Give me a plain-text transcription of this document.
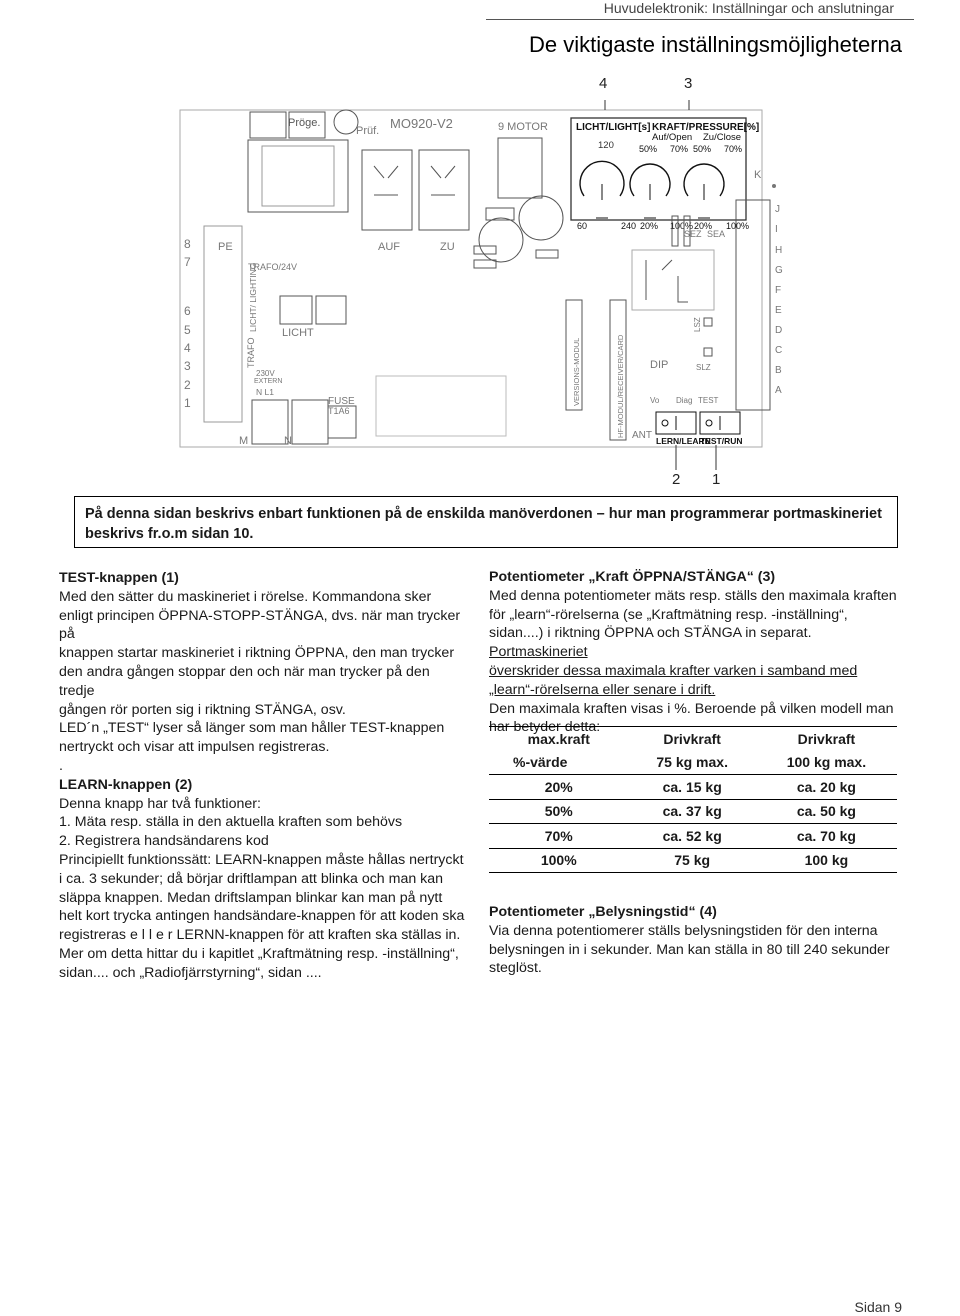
Huvudelektronik: Inställningar och anslutningar
De viktigaste inställningsmöjligheterna
4	3
2 1
Pröge.
Prüf. MO920-V2	9 MOTOR
AUF	ZU
LICHT/LIGHT[s] KRAFT/PRESSURE[%]
Auf/Open Zu/Close
120	50% 70% 50% 70%
60	240 20% 100% 20% 100%
SEZ SEA
K
J
I
H
G
F
E
D
C
B
A
PE
8
7
6
5
4
3
2
1
TRAFO/24V
LICHT/ LIGHTING
TRAFO
LICHT
230V
EXTERN
N L1
M	N
FUSE
T1A6
VERSIONS-MODUL	HF-MODUL/RECEIVER/CARD DIP	SLZ
LSZ
Vo Diag TEST
ANT LERN/LEARN
TEST/RUN
På denna sidan beskrivs enbart funktionen på de enskilda manöverdonen – hur man programmerar portmaskineriet beskrivs fr.o.m sidan 10.

TEST-knappen (1)

Med den sätter du maskineriet i rörelse. Kommandona sker

enligt principen ÖPPNA-STOPP-STÄNGA, dvs. när man trycker på

knappen startar maskineriet i riktning ÖPPNA, den man trycker

den andra gången stoppar den och när man trycker på den tredje

gången rör porten sig i riktning STÄNGA, osv.

LED´n „TEST“ lyser så länger som man håller TEST-knappen

nertryckt och visar att impulsen registreras.

.

LEARN-knappen (2)

Denna knapp har två funktioner:

1. Mäta resp. ställa in den aktuella kraften som behövs

2. Registrera handsändarens kod

Principiellt funktionssätt: LEARN-knappen måste hållas nertryckt

i ca. 3 sekunder; då börjar driftlampan att blinka och man kan

släppa knappen. Medan driftslampan blinkar kan man på nytt

helt kort trycka antingen handsändare-knappen för att koden ska

registreras e l l e r LERNN-knappen för att kraften ska ställas in.

Mer om detta hittar du i kapitlet „Kraftmätning resp. -inställning“,

sidan.... och „Radiofjärrstyrning“, sidan ....

Potentiometer „Kraft ÖPPNA/STÄNGA“ (3)

Med denna potentiometer mäts resp. ställs den maximala kraften

för „learn“-rörelserna (se „Kraftmätning resp. -inställning“,

sidan....) i riktning ÖPPNA och STÄNGA in separat. Portmaskineriet

överskrider dessa maximala krafter varken i samband med

„learn“-rörelserna eller senare i drift.

Den maximala kraften visas i %. Beroende på vilken modell man

har betyder detta:

max.kraft	Drivkraft	Drivkraft
%-värde	75 kg max.	100 kg max.
20%	ca. 15 kg	ca. 20 kg
50%	ca. 37 kg	ca. 50 kg
70%	ca. 52 kg	ca. 70 kg
100%	75 kg	100 kg

Potentiometer „Belysningstid“ (4)

Via denna potentiomerer ställs belysningstiden för den interna

belysningen in i sekunder. Man kan ställa in 80 till 240 sekunder

steglöst.

Sidan 9
